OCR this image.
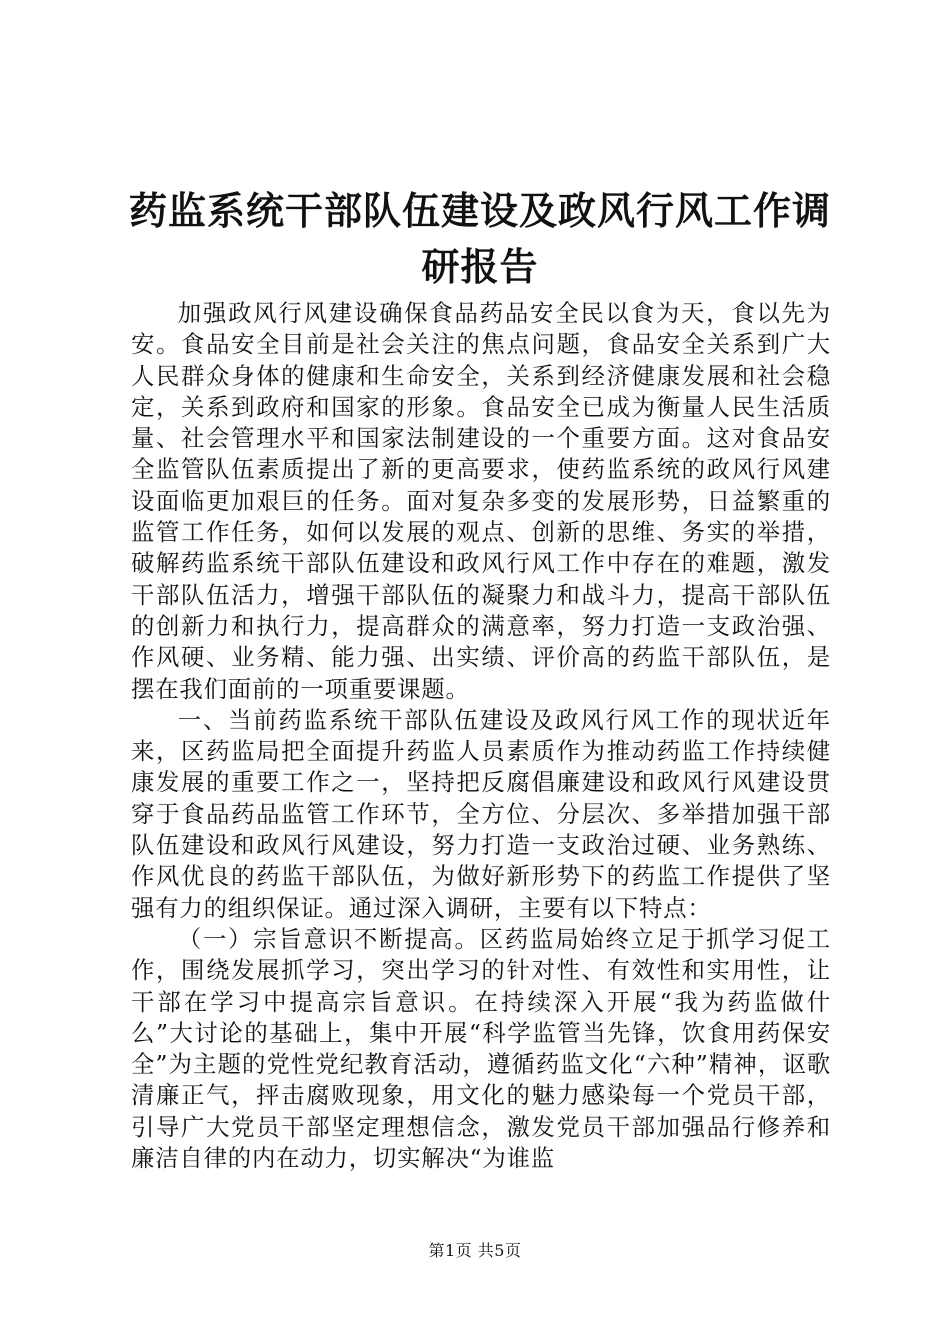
药监系统干部队伍建设及政风行风工作调研报告

加强政风行风建设确保食品药品安全民以食为天，食以先为安。食品安全目前是社会关注的焦点问题，食品安全关系到广大人民群众身体的健康和生命安全，关系到经济健康发展和社会稳定，关系到政府和国家的形象。食品安全已成为衡量人民生活质量、社会管理水平和国家法制建设的一个重要方面。这对食品安全监管队伍素质提出了新的更高要求，使药监系统的政风行风建设面临更加艰巨的任务。面对复杂多变的发展形势，日益繁重的监管工作任务，如何以发展的观点、创新的思维、务实的举措，破解药监系统干部队伍建设和政风行风工作中存在的难题，激发干部队伍活力，增强干部队伍的凝聚力和战斗力，提高干部队伍的创新力和执行力，提高群众的满意率，努力打造一支政治强、作风硬、业务精、能力强、出实绩、评价高的药监干部队伍，是摆在我们面前的一项重要课题。

一、当前药监系统干部队伍建设及政风行风工作的现状近年来，区药监局把全面提升药监人员素质作为推动药监工作持续健康发展的重要工作之一，坚持把反腐倡廉建设和政风行风建设贯穿于食品药品监管工作环节，全方位、分层次、多举措加强干部队伍建设和政风行风建设，努力打造一支政治过硬、业务熟练、作风优良的药监干部队伍，为做好新形势下的药监工作提供了坚强有力的组织保证。通过深入调研，主要有以下特点：

（一）宗旨意识不断提高。区药监局始终立足于抓学习促工作，围绕发展抓学习，突出学习的针对性、有效性和实用性，让干部在学习中提高宗旨意识。在持续深入开展“我为药监做什么”大讨论的基础上，集中开展“科学监管当先锋，饮食用药保安全”为主题的党性党纪教育活动，遵循药监文化“六种”精神，讴歌清廉正气，抨击腐败现象，用文化的魅力感染每一个党员干部，引导广大党员干部坚定理想信念，激发党员干部加强品行修养和廉洁自律的内在动力，切实解决“为谁监

第1页 共5页
